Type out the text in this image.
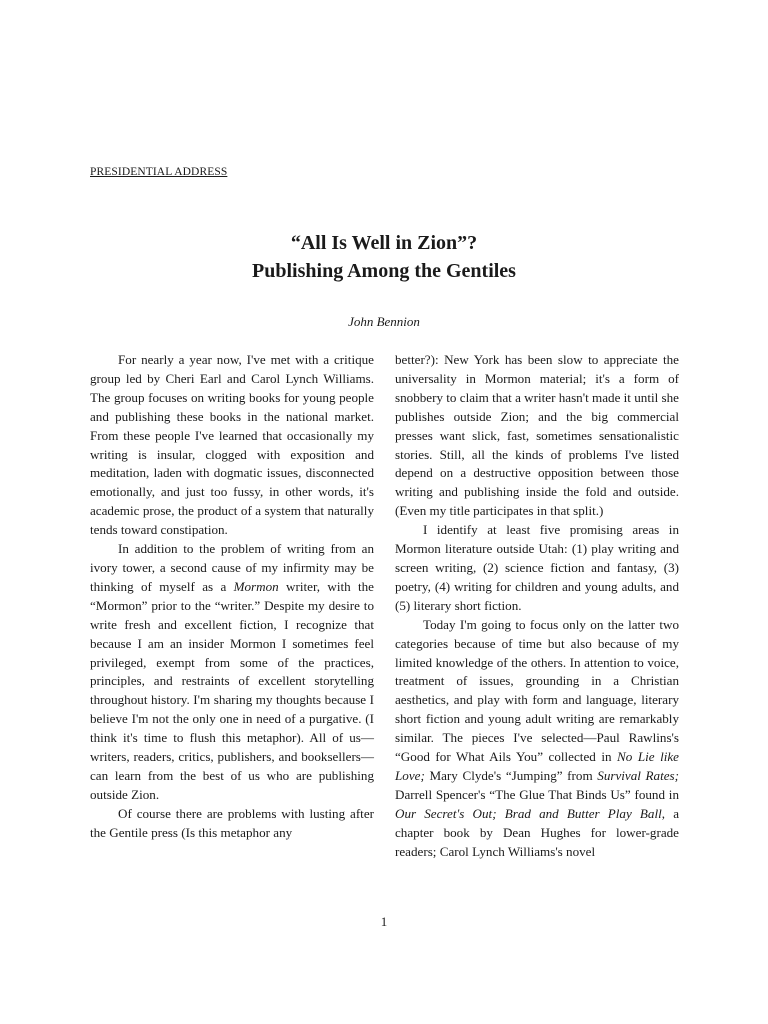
PRESIDENTIAL ADDRESS
“All Is Well in Zion”?
Publishing Among the Gentiles
John Bennion

For nearly a year now, I've met with a critique group led by Cheri Earl and Carol Lynch Williams. The group focuses on writing books for young people and publishing these books in the national market. From these people I've learned that occasionally my writing is insular, clogged with exposition and meditation, laden with dogmatic issues, disconnected emotionally, and just too fussy, in other words, it's academic prose, the product of a system that naturally tends toward constipation.

In addition to the problem of writing from an ivory tower, a second cause of my infirmity may be thinking of myself as a Mormon writer, with the “Mormon” prior to the “writer.” Despite my desire to write fresh and excellent fiction, I recognize that because I am an insider Mormon I sometimes feel privileged, exempt from some of the practices, principles, and restraints of excellent storytelling throughout history. I'm sharing my thoughts because I believe I'm not the only one in need of a purgative. (I think it's time to flush this metaphor). All of us—writers, readers, critics, publishers, and booksellers—can learn from the best of us who are publishing outside Zion.

Of course there are problems with lusting after the Gentile press (Is this metaphor any

better?): New York has been slow to appreciate the universality in Mormon material; it's a form of snobbery to claim that a writer hasn't made it until she publishes outside Zion; and the big commercial presses want slick, fast, sometimes sensationalistic stories. Still, all the kinds of problems I've listed depend on a destructive opposition between those writing and publishing inside the fold and outside. (Even my title participates in that split.)

I identify at least five promising areas in Mormon literature outside Utah: (1) play writing and screen writing, (2) science fiction and fantasy, (3) poetry, (4) writing for children and young adults, and (5) literary short fiction.

Today I'm going to focus only on the latter two categories because of time but also because of my limited knowledge of the others. In attention to voice, treatment of issues, grounding in a Christian aesthetics, and play with form and language, literary short fiction and young adult writing are remarkably similar. The pieces I've selected—Paul Rawlins's “Good for What Ails You” collected in No Lie like Love; Mary Clyde's “Jumping” from Survival Rates; Darrell Spencer's “The Glue That Binds Us” found in Our Secret's Out; Brad and Butter Play Ball, a chapter book by Dean Hughes for lower-grade readers; Carol Lynch Williams's novel

1
